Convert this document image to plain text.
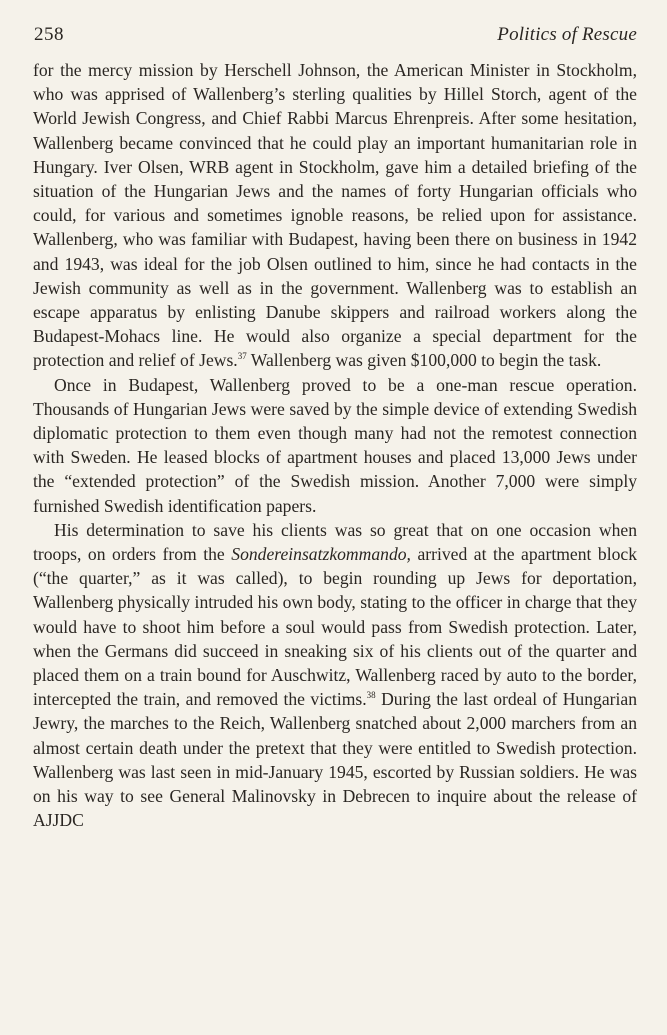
258	Politics of Rescue

for the mercy mission by Herschell Johnson, the American Minister in Stockholm, who was apprised of Wallenberg’s sterling qualities by Hillel Storch, agent of the World Jewish Congress, and Chief Rabbi Marcus Ehrenpreis. After some hesitation, Wallenberg became convinced that he could play an important humanitarian role in Hungary. Iver Olsen, WRB agent in Stockholm, gave him a detailed briefing of the situation of the Hungarian Jews and the names of forty Hungarian officials who could, for various and sometimes ignoble reasons, be relied upon for assistance. Wallenberg, who was familiar with Budapest, having been there on business in 1942 and 1943, was ideal for the job Olsen outlined to him, since he had contacts in the Jewish community as well as in the government. Wallenberg was to establish an escape apparatus by enlisting Danube skippers and railroad workers along the Budapest-Mohacs line. He would also organize a special department for the protection and relief of Jews.$^{37}$ Wallenberg was given $100,000 to begin the task.

Once in Budapest, Wallenberg proved to be a one-man rescue operation. Thousands of Hungarian Jews were saved by the simple device of extending Swedish diplomatic protection to them even though many had not the remotest connection with Sweden. He leased blocks of apartment houses and placed 13,000 Jews under the “extended protection” of the Swedish mission. Another 7,000 were simply furnished Swedish identification papers.

His determination to save his clients was so great that on one occasion when troops, on orders from the Sondereinsatzkommando, arrived at the apartment block (“the quarter,” as it was called), to begin rounding up Jews for deportation, Wallenberg physically intruded his own body, stating to the officer in charge that they would have to shoot him before a soul would pass from Swedish protection. Later, when the Germans did succeed in sneaking six of his clients out of the quarter and placed them on a train bound for Auschwitz, Wallenberg raced by auto to the border, intercepted the train, and removed the victims.$^{38}$ During the last ordeal of Hungarian Jewry, the marches to the Reich, Wallenberg snatched about 2,000 marchers from an almost certain death under the pretext that they were entitled to Swedish protection. Wallenberg was last seen in mid-January 1945, escorted by Russian soldiers. He was on his way to see General Malinovsky in Debrecen to inquire about the release of AJJDC
